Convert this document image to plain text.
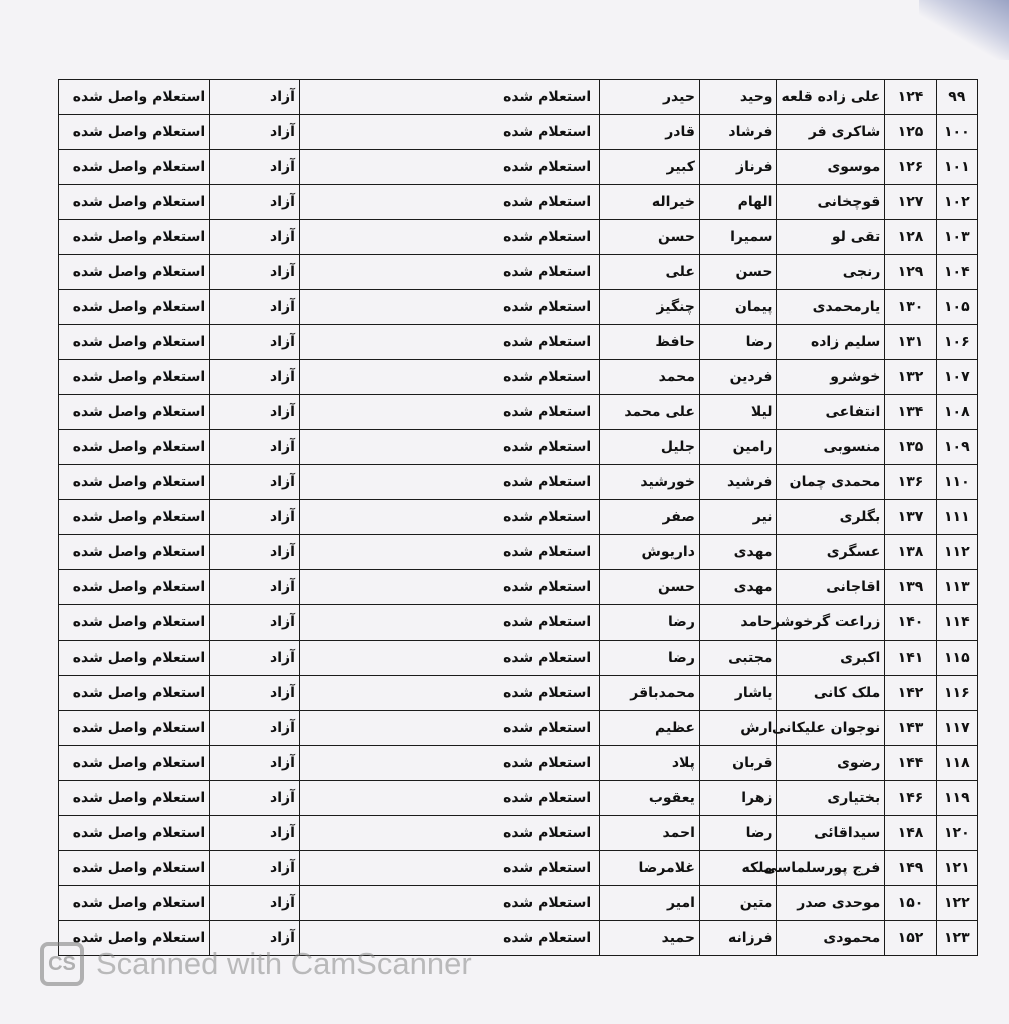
۹۹	۱۲۴	علی زاده قلعه	وحید	حیدر	استعلام شده	آزاد	استعلام واصل شده
۱۰۰	۱۲۵	شاکری فر	فرشاد	قادر	استعلام شده	آزاد	استعلام واصل شده
۱۰۱	۱۲۶	موسوی	فرناز	کبیر	استعلام شده	آزاد	استعلام واصل شده
۱۰۲	۱۲۷	قوچخانی	الهام	خیراله	استعلام شده	آزاد	استعلام واصل شده
۱۰۳	۱۲۸	تقی لو	سمیرا	حسن	استعلام شده	آزاد	استعلام واصل شده
۱۰۴	۱۲۹	رنجی	حسن	علی	استعلام شده	آزاد	استعلام واصل شده
۱۰۵	۱۳۰	یارمحمدی	پیمان	چنگیز	استعلام شده	آزاد	استعلام واصل شده
۱۰۶	۱۳۱	سلیم زاده	رضا	حافظ	استعلام شده	آزاد	استعلام واصل شده
۱۰۷	۱۳۲	خوشرو	فردین	محمد	استعلام شده	آزاد	استعلام واصل شده
۱۰۸	۱۳۴	انتفاعی	لیلا	علی محمد	استعلام شده	آزاد	استعلام واصل شده
۱۰۹	۱۳۵	منسوبی	رامین	جلیل	استعلام شده	آزاد	استعلام واصل شده
۱۱۰	۱۳۶	محمدی چمان	فرشید	خورشید	استعلام شده	آزاد	استعلام واصل شده
۱۱۱	۱۳۷	بگلری	نیر	صفر	استعلام شده	آزاد	استعلام واصل شده
۱۱۲	۱۳۸	عسگری	مهدی	داریوش	استعلام شده	آزاد	استعلام واصل شده
۱۱۳	۱۳۹	اقاجانی	مهدی	حسن	استعلام شده	آزاد	استعلام واصل شده
۱۱۴	۱۴۰	زراعت گرخوشر	حامد	رضا	استعلام شده	آزاد	استعلام واصل شده
۱۱۵	۱۴۱	اکبری	مجتبی	رضا	استعلام شده	آزاد	استعلام واصل شده
۱۱۶	۱۴۲	ملک کانی	یاشار	محمدباقر	استعلام شده	آزاد	استعلام واصل شده
۱۱۷	۱۴۳	نوجوان علیکانی	ارش	عظیم	استعلام شده	آزاد	استعلام واصل شده
۱۱۸	۱۴۴	رضوی	قربان	پلاد	استعلام شده	آزاد	استعلام واصل شده
۱۱۹	۱۴۶	بختیاری	زهرا	یعقوب	استعلام شده	آزاد	استعلام واصل شده
۱۲۰	۱۴۸	سیداقائی	رضا	احمد	استعلام شده	آزاد	استعلام واصل شده
۱۲۱	۱۴۹	فرج پورسلماسی	ملکه	غلامرضا	استعلام شده	آزاد	استعلام واصل شده
۱۲۲	۱۵۰	موحدی صدر	متین	امیر	استعلام شده	آزاد	استعلام واصل شده
۱۲۳	۱۵۲	محمودی	فرزانه	حمید	استعلام شده	آزاد	استعلام واصل شده
CS Scanned with CamScanner
